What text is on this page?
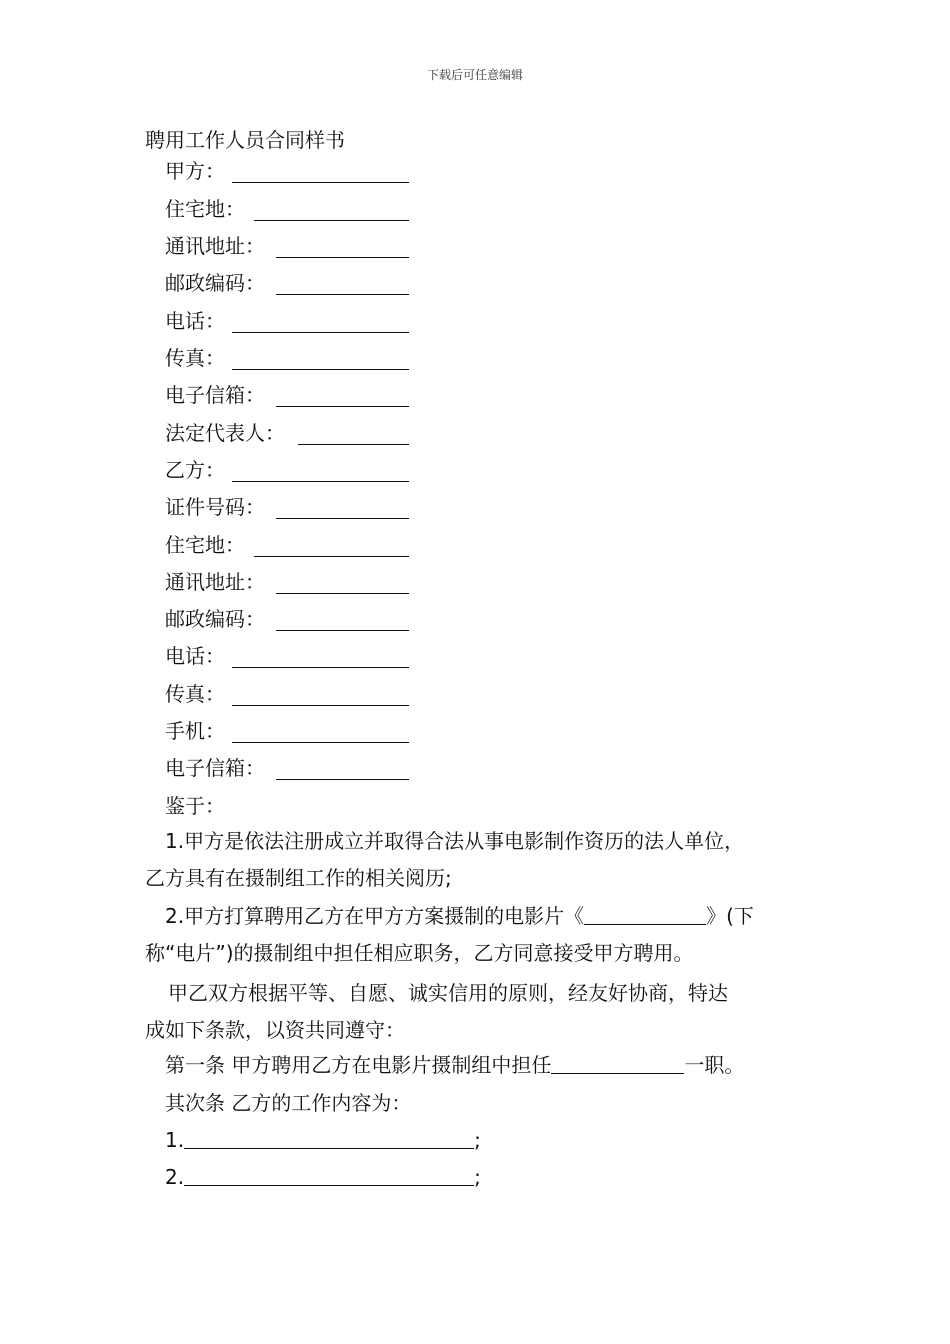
下载后可任意编辑
聘用工作人员合同样书
甲方：
住宅地：
通讯地址：
邮政编码：
电话：
传真：
电子信箱：
法定代表人：
乙方：
证件号码：
住宅地：
通讯地址：
邮政编码：
电话：
传真：
手机：
电子信箱：
鉴于：
1.甲方是依法注册成立并取得合法从事电影制作资历的法人单位，
乙方具有在摄制组工作的相关阅历;
2.甲方打算聘用乙方在甲方方案摄制的电影片《	》(下
称“电片”)的摄制组中担任相应职务，乙方同意接受甲方聘用。
甲乙双方根据平等、自愿、诚实信用的原则，经友好协商，特达
成如下条款，以资共同遵守：
第一条 甲方聘用乙方在电影片摄制组中担任	一职。
其次条 乙方的工作内容为：
1.	;
2.	;
